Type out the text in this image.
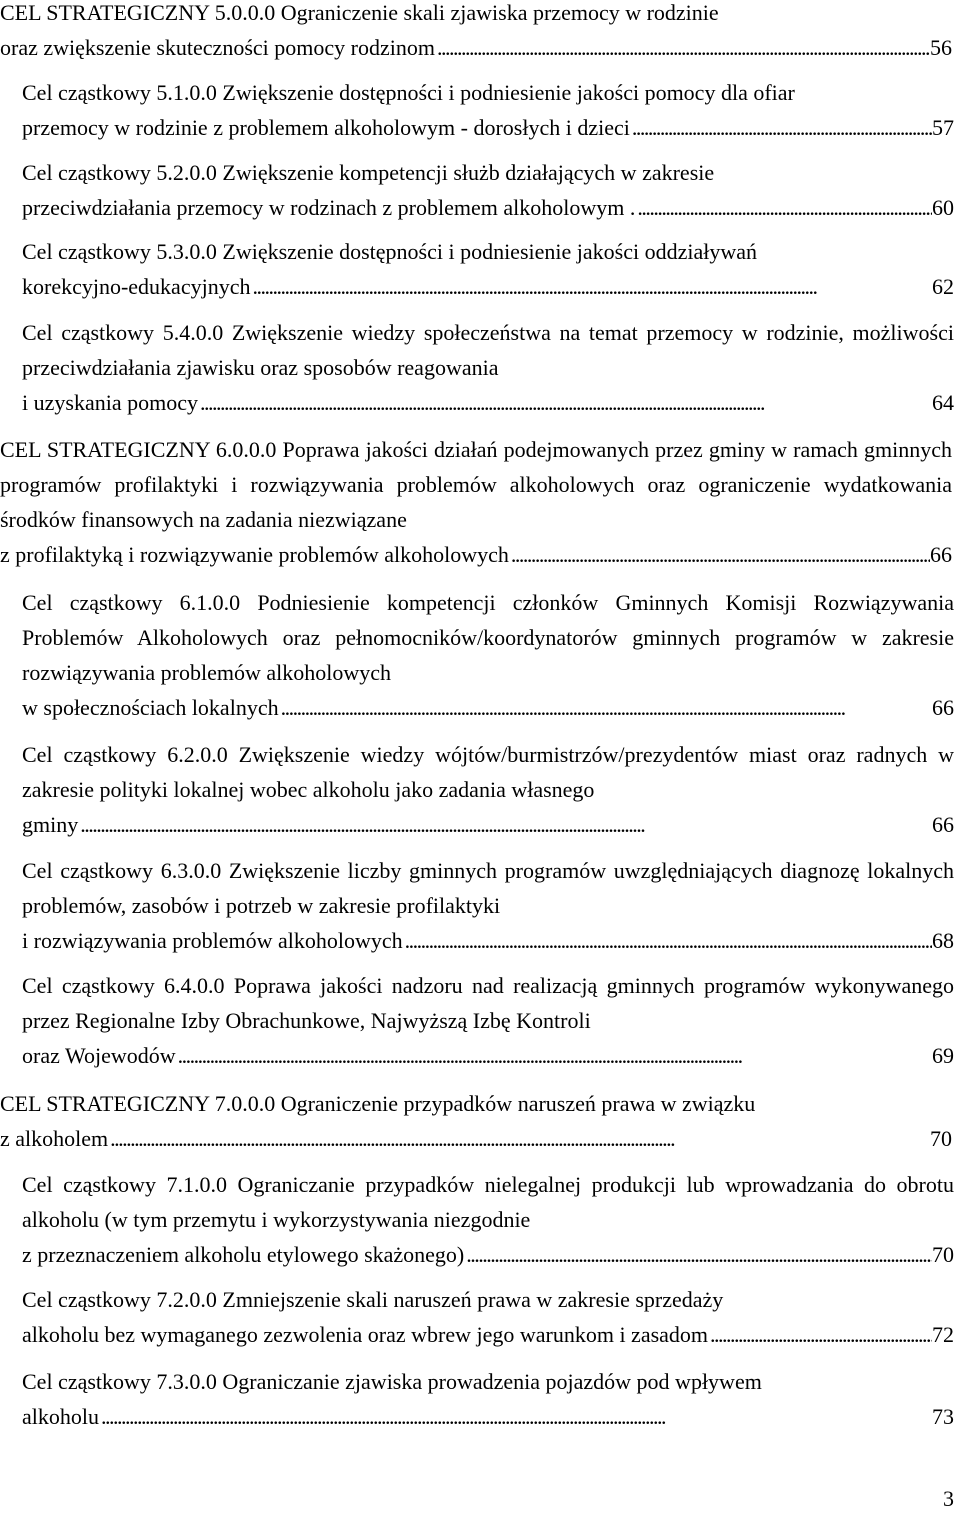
CEL STRATEGICZNY 5.0.0.0 Ograniczenie skali zjawiska przemocy w rodzinie
oraz zwiększenie skuteczności pomocy rodzinom . . .	56
Cel cząstkowy 5.1.0.0 Zwiększenie dostępności i podniesienie jakości pomocy dla ofiar
przemocy w rodzinie z problemem alkoholowym - dorosłych i dzieci . . .	57
Cel cząstkowy 5.2.0.0 Zwiększenie kompetencji służb działających w zakresie
przeciwdziałania przemocy w rodzinach z problemem alkoholowym . . . .	60
Cel cząstkowy 5.3.0.0 Zwiększenie dostępności i podniesienie jakości oddziaływań
korekcyjno-edukacyjnych . . .	62
Cel cząstkowy 5.4.0.0 Zwiększenie wiedzy społeczeństwa na temat przemocy w rodzinie, możliwości przeciwdziałania zjawisku oraz sposobów reagowania
i uzyskania pomocy . . .	64
CEL STRATEGICZNY 6.0.0.0 Poprawa jakości działań podejmowanych przez gminy w ramach gminnych programów profilaktyki i rozwiązywania problemów alkoholowych oraz ograniczenie wydatkowania środków finansowych na zadania niezwiązane
z profilaktyką i rozwiązywanie problemów alkoholowych . . .	66
Cel cząstkowy 6.1.0.0 Podniesienie kompetencji członków Gminnych Komisji Rozwiązywania Problemów Alkoholowych oraz pełnomocników/koordynatorów gminnych programów w zakresie rozwiązywania problemów alkoholowych
w społecznościach lokalnych . . .	66
Cel cząstkowy 6.2.0.0 Zwiększenie wiedzy wójtów/burmistrzów/prezydentów miast oraz radnych w zakresie polityki lokalnej wobec alkoholu jako zadania własnego
gminy . . .	66
Cel cząstkowy 6.3.0.0 Zwiększenie liczby gminnych programów uwzględniających diagnozę lokalnych problemów, zasobów i potrzeb w zakresie profilaktyki
i rozwiązywania problemów alkoholowych . . .	68
Cel cząstkowy 6.4.0.0 Poprawa jakości nadzoru nad realizacją gminnych programów wykonywanego przez Regionalne Izby Obrachunkowe, Najwyższą Izbę Kontroli
oraz Wojewodów . . .	69
CEL STRATEGICZNY 7.0.0.0 Ograniczenie przypadków naruszeń prawa w związku
z alkoholem . . .	70
Cel cząstkowy 7.1.0.0 Ograniczanie przypadków nielegalnej produkcji lub wprowadzania do obrotu alkoholu (w tym przemytu i wykorzystywania niezgodnie
z przeznaczeniem alkoholu etylowego skażonego) . . .	70
Cel cząstkowy 7.2.0.0 Zmniejszenie skali naruszeń prawa w zakresie sprzedaży
alkoholu bez wymaganego zezwolenia oraz wbrew jego warunkom i zasadom . . .	72
Cel cząstkowy 7.3.0.0 Ograniczanie zjawiska prowadzenia pojazdów pod wpływem
alkoholu . . .	73
3
